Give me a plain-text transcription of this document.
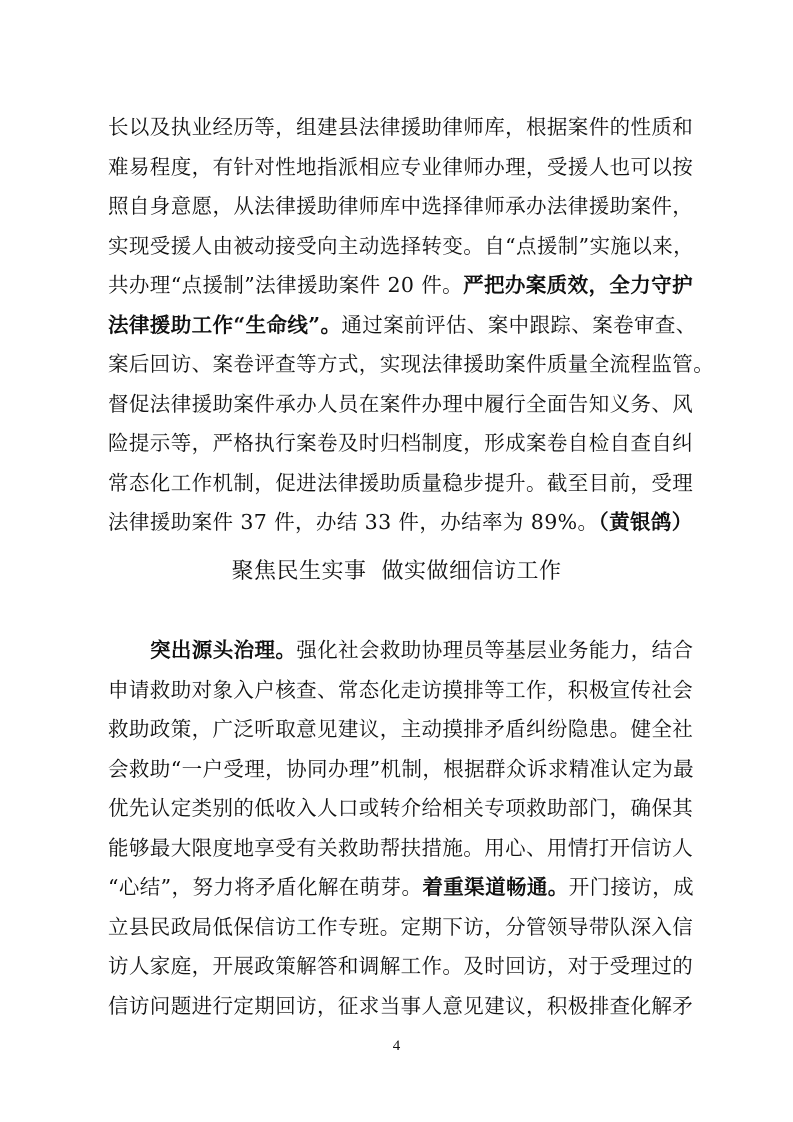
长以及执业经历等，组建县法律援助律师库，根据案件的性质和
难易程度，有针对性地指派相应专业律师办理，受援人也可以按
照自身意愿，从法律援助律师库中选择律师承办法律援助案件，
实现受援人由被动接受向主动选择转变。自“点援制”实施以来，
共办理“点援制”法律援助案件 20 件。严把办案质效，全力守护
法律援助工作“生命线”。通过案前评估、案中跟踪、案卷审查、
案后回访、案卷评查等方式，实现法律援助案件质量全流程监管。
督促法律援助案件承办人员在案件办理中履行全面告知义务、风
险提示等，严格执行案卷及时归档制度，形成案卷自检自查自纠
常态化工作机制，促进法律援助质量稳步提升。截至目前，受理
法律援助案件 37 件，办结 33 件，办结率为 89%。（黄银鸽）
聚焦民生实事  做实做细信访工作
突出源头治理。强化社会救助协理员等基层业务能力，结合
申请救助对象入户核查、常态化走访摸排等工作，积极宣传社会
救助政策，广泛听取意见建议，主动摸排矛盾纠纷隐患。健全社
会救助“一户受理，协同办理”机制，根据群众诉求精准认定为最
优先认定类别的低收入人口或转介给相关专项救助部门，确保其
能够最大限度地享受有关救助帮扶措施。用心、用情打开信访人
“心结”，努力将矛盾化解在萌芽。着重渠道畅通。开门接访，成
立县民政局低保信访工作专班。定期下访，分管领导带队深入信
访人家庭，开展政策解答和调解工作。及时回访，对于受理过的
信访问题进行定期回访，征求当事人意见建议，积极排查化解矛
4
